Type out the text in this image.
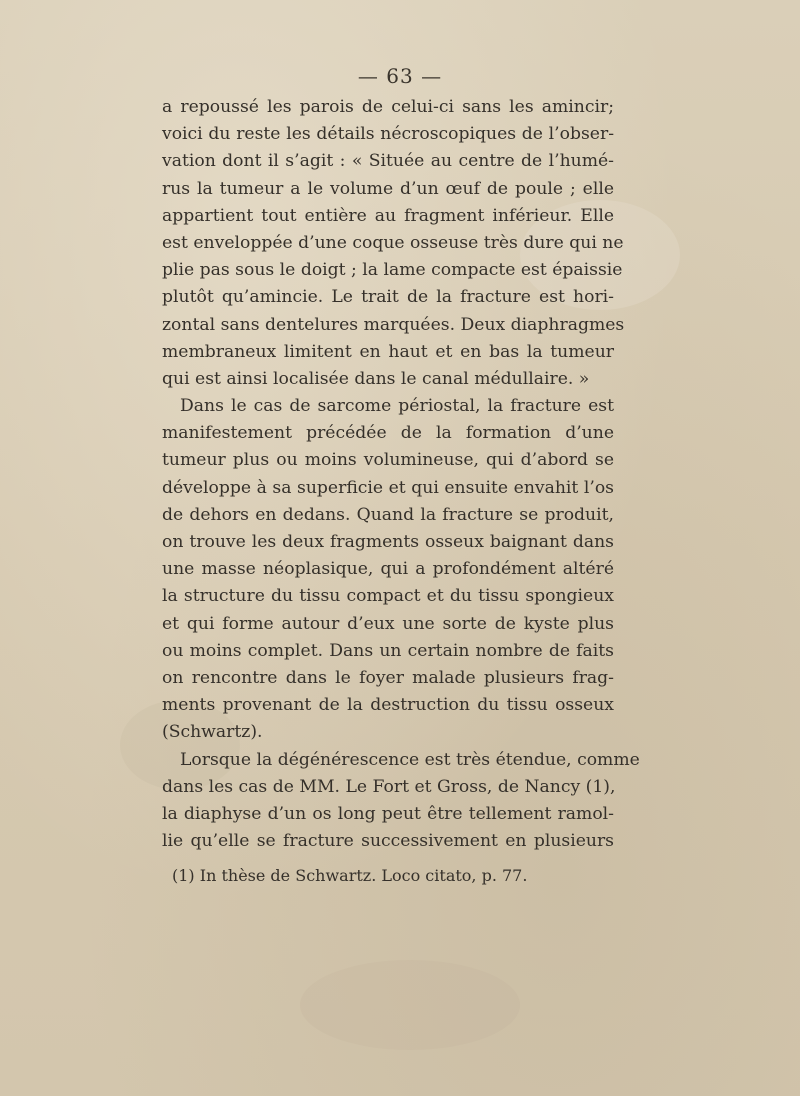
— 63 —
a repoussé les parois de celui-ci sans les amincir;
voici du reste les détails nécroscopiques de l’obser-
vation dont il s’agit : « Située au centre de l’humé-
rus la tumeur a le volume d’un œuf de poule ; elle
appartient tout entière au fragment inférieur. Elle
est enveloppée d’une coque osseuse très dure qui ne
plie pas sous le doigt ; la lame compacte est épaissie
plutôt qu’amincie. Le trait de la fracture est hori-
zontal sans dentelures marquées. Deux diaphragmes
membraneux limitent en haut et en bas la tumeur
qui est ainsi localisée dans le canal médullaire. »
Dans le cas de sarcome périostal, la fracture est
manifestement précédée de la formation d’une
tumeur plus ou moins volumineuse, qui d’abord se
développe à sa superficie et qui ensuite envahit l’os
de dehors en dedans. Quand la fracture se produit,
on trouve les deux fragments osseux baignant dans
une masse néoplasique, qui a profondément altéré
la structure du tissu compact et du tissu spongieux
et qui forme autour d’eux une sorte de kyste plus
ou moins complet. Dans un certain nombre de faits
on rencontre dans le foyer malade plusieurs frag-
ments provenant de la destruction du tissu osseux
(Schwartz).
Lorsque la dégénérescence est très étendue, comme
dans les cas de MM. Le Fort et Gross, de Nancy (1),
la diaphyse d’un os long peut être tellement ramol-
lie qu’elle se fracture successivement en plusieurs
(1) In thèse de Schwartz. Loco citato, p. 77.
